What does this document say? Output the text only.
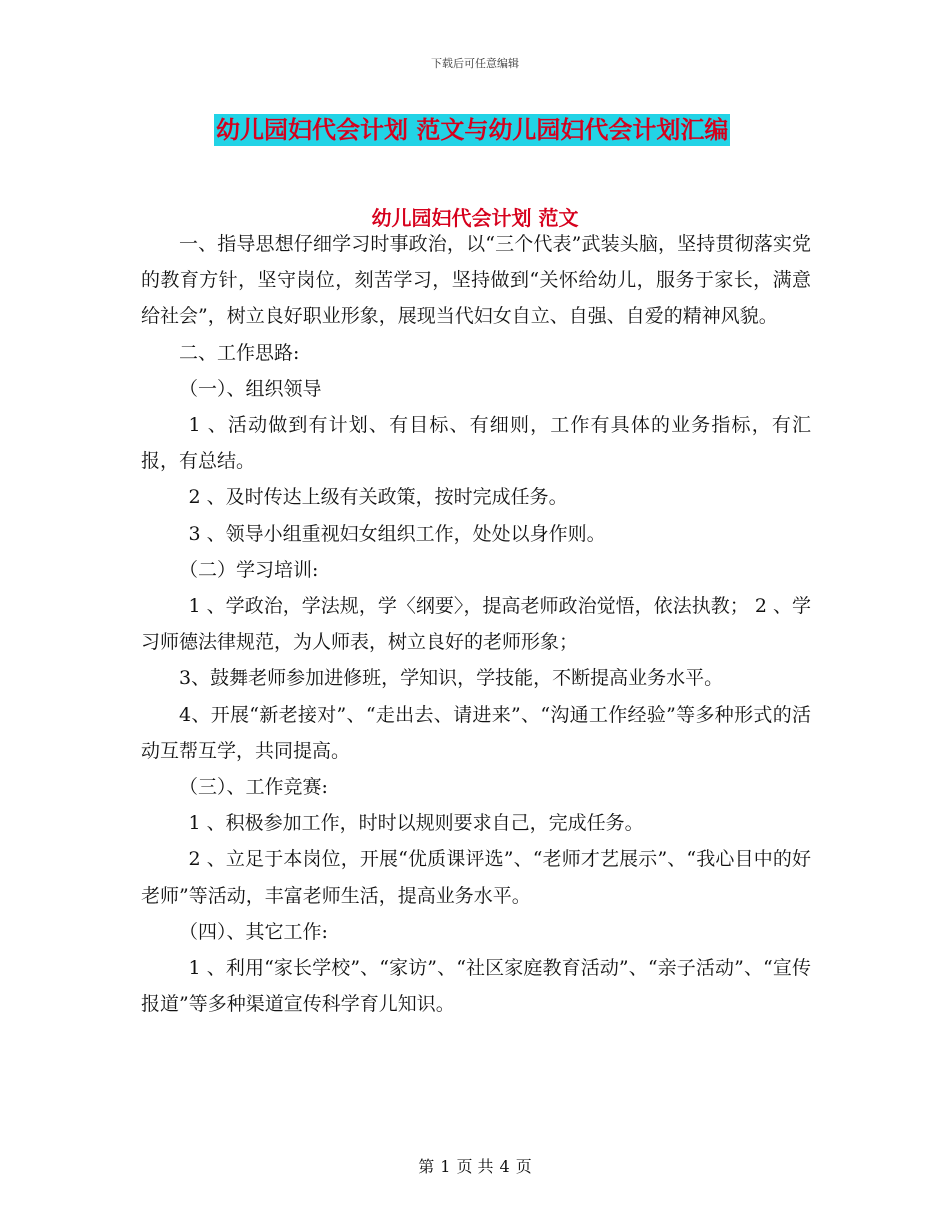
下载后可任意编辑
幼儿园妇代会计划 范文与幼儿园妇代会计划汇编
幼儿园妇代会计划 范文

一、指导思想仔细学习时事政治，以“三个代表”武装头脑，坚持贯彻落实党的教育方针，坚守岗位，刻苦学习，坚持做到“关怀给幼儿，服务于家长，满意给社会”，树立良好职业形象，展现当代妇女自立、自强、自爱的精神风貌。

二、工作思路:

（一）、组织领导

1 、活动做到有计划、有目标、有细则，工作有具体的业务指标，有汇报，有总结。

2 、及时传达上级有关政策，按时完成任务。

3 、领导小组重视妇女组织工作，处处以身作则。

（二）学习培训:

1 、学政治，学法规，学〈纲要〉，提高老师政治觉悟，依法执教； 2 、学习师德法律规范，为人师表，树立良好的老师形象；

3、鼓舞老师参加进修班，学知识，学技能，不断提高业务水平。

4、开展“新老接对”、“走出去、请进来”、“沟通工作经验”等多种形式的活动互帮互学，共同提高。

（三）、工作竞赛:

1 、积极参加工作，时时以规则要求自己，完成任务。

2 、立足于本岗位，开展“优质课评选”、“老师才艺展示”、“我心目中的好老师”等活动，丰富老师生活，提高业务水平。

（四）、其它工作:

1 、利用“家长学校”、“家访”、“社区家庭教育活动”、“亲子活动”、“宣传报道”等多种渠道宣传科学育儿知识。

第 1 页 共 4 页
